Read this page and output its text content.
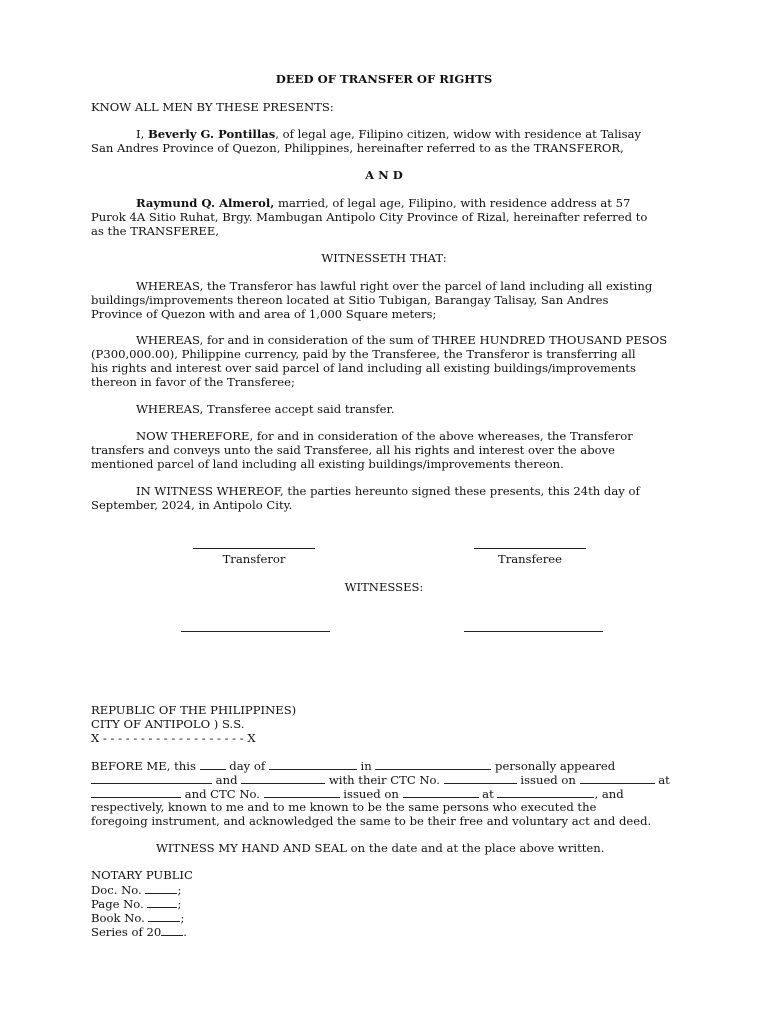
DEED OF TRANSFER OF RIGHTS
KNOW ALL MEN BY THESE PRESENTS:
I, Beverly G. Pontillas, of legal age, Filipino citizen, widow with residence at Talisay
San Andres Province of Quezon, Philippines, hereinafter referred to as the TRANSFEROR,
A N D
Raymund Q. Almerol, married, of legal age, Filipino, with residence address at 57
Purok 4A Sitio Ruhat, Brgy. Mambugan Antipolo City Province of Rizal, hereinafter referred to
as the TRANSFEREE,
WITNESSETH THAT:
WHEREAS, the Transferor has lawful right over the parcel of land including all existing
buildings/improvements thereon located at Sitio Tubigan, Barangay Talisay, San Andres
Province of Quezon with and area of 1,000 Square meters;
WHEREAS, for and in consideration of the sum of THREE HUNDRED THOUSAND PESOS
(P300,000.00), Philippine currency, paid by the Transferee, the Transferor is transferring all
his rights and interest over said parcel of land including all existing buildings/improvements
thereon in favor of the Transferee;
WHEREAS, Transferee accept said transfer.
NOW THEREFORE, for and in consideration of the above whereases, the Transferor
transfers and conveys unto the said Transferee, all his rights and interest over the above
mentioned parcel of land including all existing buildings/improvements thereon.
IN WITNESS WHEREOF, the parties hereunto signed these presents, this 24th day of
September, 2024, in Antipolo City.
Transferor	Transferee
WITNESSES:
REPUBLIC OF THE PHILIPPINES)
CITY OF ANTIPOLO ) S.S.
X - - - - - - - - - - - - - - - - - - - X
BEFORE ME, this  day of	in	personally appeared
and	with their CTC No.	issued on	at
and CTC No.	issued on	at	, and
respectively, known to me and to me known to be the same persons who executed the
foregoing instrument, and acknowledged the same to be their free and voluntary act and deed.
WITNESS MY HAND AND SEAL on the date and at the place above written.
NOTARY PUBLIC
Doc. No.	;
Page No.	;
Book No.	;
Series of 20 .
